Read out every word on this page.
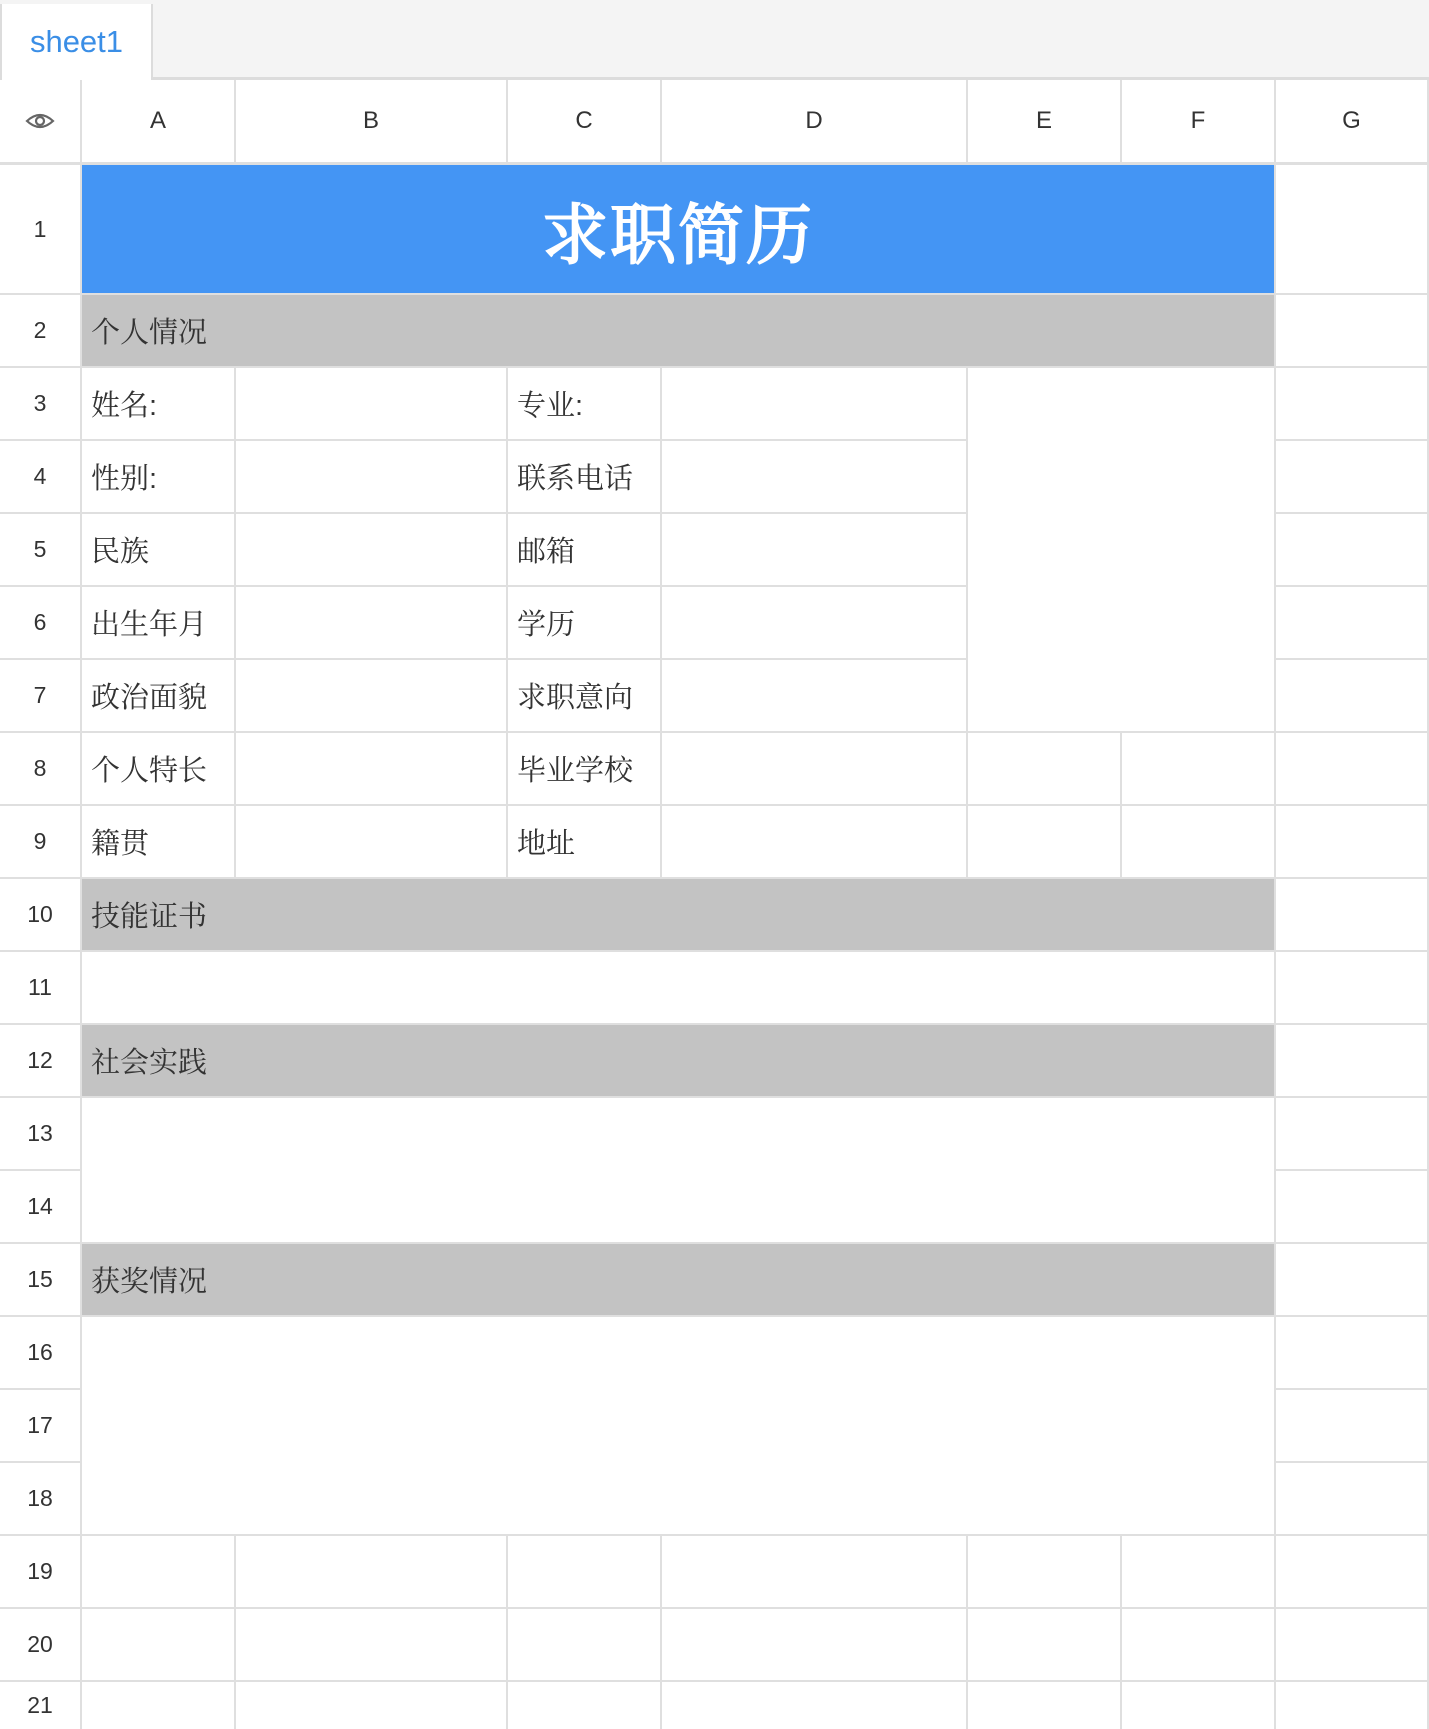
sheet1
A	B	C	D	E	F	G
1
2
3
4
5
6
7
8
9
10
11
12
13
14
15
16
17
18
19
20
21
求职简历
个人情况
姓名:	专业:
性别:	联系电话
民族	邮箱
出生年月	学历
政治面貌	求职意向
个人特长	毕业学校
籍贯	地址
技能证书
社会实践
获奖情况
